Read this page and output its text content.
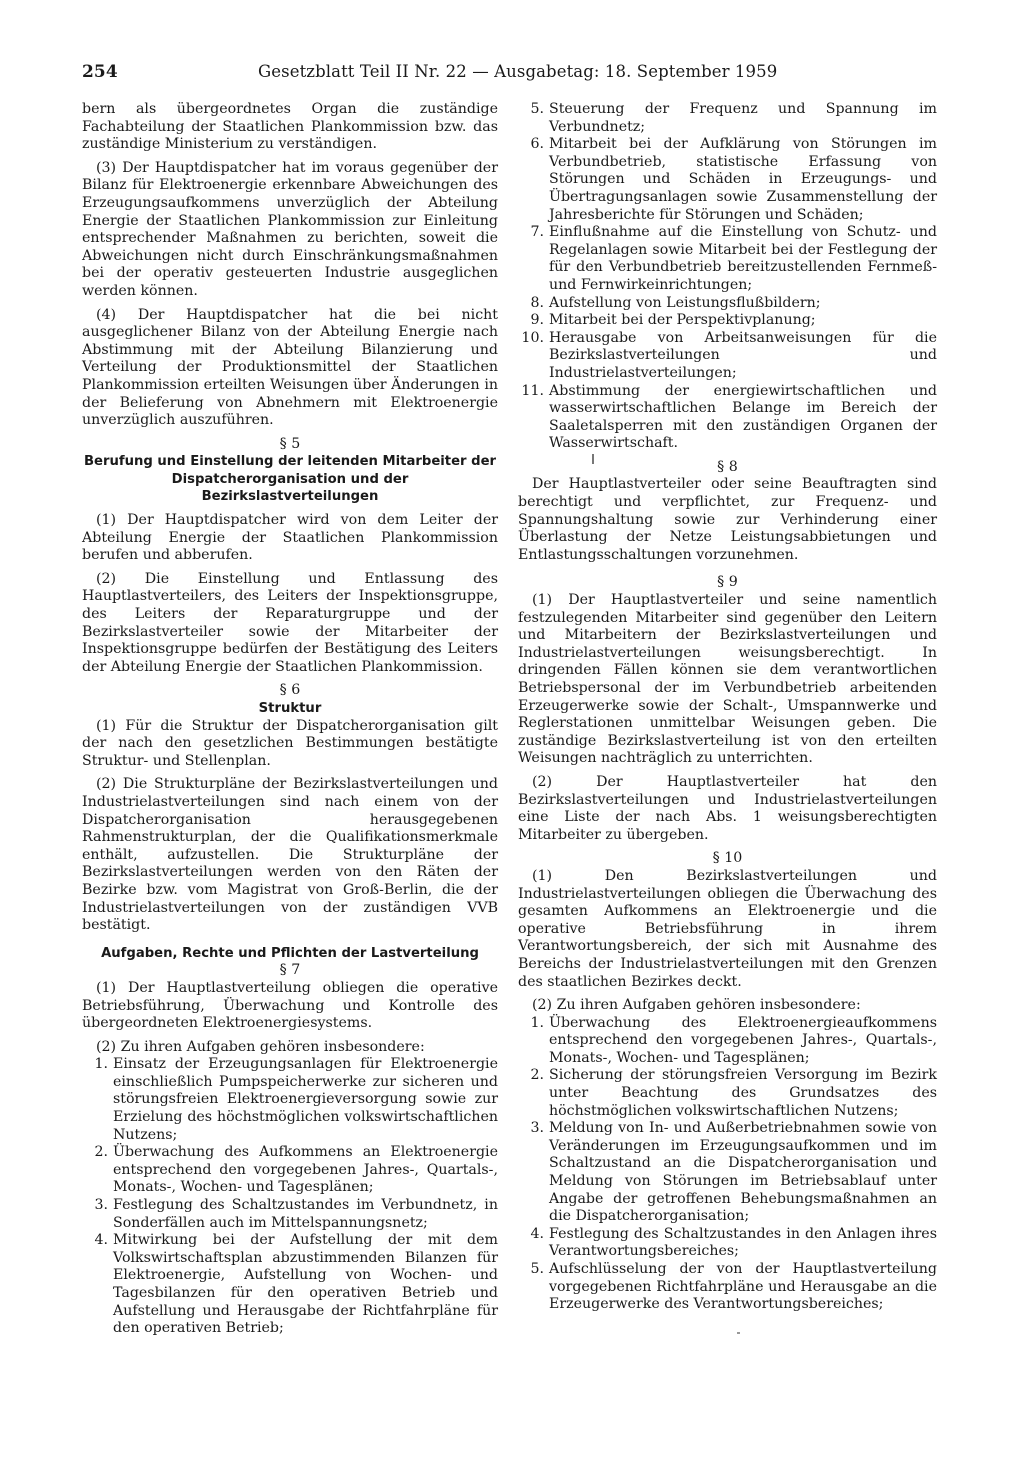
254	Gesetzblatt Teil II Nr. 22 — Ausgabetag: 18. September 1959

bern als übergeordnetes Organ die zuständige Fachabteilung der Staatlichen Plankommission bzw. das zuständige Ministerium zu verständigen.

(3) Der Hauptdispatcher hat im voraus gegenüber der Bilanz für Elektroenergie erkennbare Abweichungen des Erzeugungsaufkommens unverzüglich der Abteilung Energie der Staatlichen Plankommission zur Einleitung entsprechender Maßnahmen zu berichten, soweit die Abweichungen nicht durch Einschränkungsmaßnahmen bei der operativ gesteuerten Industrie ausgeglichen werden können.

(4) Der Hauptdispatcher hat die bei nicht ausgeglichener Bilanz von der Abteilung Energie nach Abstimmung mit der Abteilung Bilanzierung und Verteilung der Produktionsmittel der Staatlichen Plankommission erteilten Weisungen über Änderungen in der Belieferung von Abnehmern mit Elektroenergie unverzüglich auszuführen.

§ 5

Berufung und Einstellung der leitenden Mitarbeiter der Dispatcherorganisation und der Bezirkslastverteilungen

(1) Der Hauptdispatcher wird von dem Leiter der Abteilung Energie der Staatlichen Plankommission berufen und abberufen.

(2) Die Einstellung und Entlassung des Hauptlastverteilers, des Leiters der Inspektionsgruppe, des Leiters der Reparaturgruppe und der Bezirkslastverteiler sowie der Mitarbeiter der Inspektionsgruppe bedürfen der Bestätigung des Leiters der Abteilung Energie der Staatlichen Plankommission.

§ 6

Struktur

(1) Für die Struktur der Dispatcherorganisation gilt der nach den gesetzlichen Bestimmungen bestätigte Struktur- und Stellenplan.

(2) Die Strukturpläne der Bezirkslastverteilungen und Industrielastverteilungen sind nach einem von der Dispatcherorganisation herausgegebenen Rahmenstrukturplan, der die Qualifikationsmerkmale enthält, aufzustellen. Die Strukturpläne der Bezirkslastverteilungen werden von den Räten der Bezirke bzw. vom Magistrat von Groß-Berlin, die der Industrielastverteilungen von der zuständigen VVB bestätigt.

Aufgaben, Rechte und Pflichten der Lastverteilung

§ 7

(1) Der Hauptlastverteilung obliegen die operative Betriebsführung, Überwachung und Kontrolle des übergeordneten Elektroenergiesystems.

(2) Zu ihren Aufgaben gehören insbesondere:

1. Einsatz der Erzeugungsanlagen für Elektroenergie einschließlich Pumpspeicherwerke zur sicheren und störungsfreien Elektroenergieversorgung sowie zur Erzielung des höchstmöglichen volkswirtschaftlichen Nutzens;
2. Überwachung des Aufkommens an Elektroenergie entsprechend den vorgegebenen Jahres-, Quartals-, Monats-, Wochen- und Tagesplänen;
3. Festlegung des Schaltzustandes im Verbundnetz, in Sonderfällen auch im Mittelspannungsnetz;
4. Mitwirkung bei der Aufstellung der mit dem Volkswirtschaftsplan abzustimmenden Bilanzen für Elektroenergie, Aufstellung von Wochen- und Tagesbilanzen für den operativen Betrieb und Aufstellung und Herausgabe der Richtfahrpläne für den operativen Betrieb;
5. Steuerung der Frequenz und Spannung im Verbundnetz;
6. Mitarbeit bei der Aufklärung von Störungen im Verbundbetrieb, statistische Erfassung von Störungen und Schäden in Erzeugungs- und Übertragungsanlagen sowie Zusammenstellung der Jahresberichte für Störungen und Schäden;
7. Einflußnahme auf die Einstellung von Schutz- und Regelanlagen sowie Mitarbeit bei der Festlegung der für den Verbundbetrieb bereitzustellenden Fernmeß- und Fernwirkeinrichtungen;
8. Aufstellung von Leistungsflußbildern;
9. Mitarbeit bei der Perspektivplanung;
10. Herausgabe von Arbeitsanweisungen für die Bezirkslastverteilungen und Industrielastverteilungen;
11. Abstimmung der energiewirtschaftlichen und wasserwirtschaftlichen Belange im Bereich der Saaletalsperren mit den zuständigen Organen der Wasserwirtschaft.

§ 8

Der Hauptlastverteiler oder seine Beauftragten sind berechtigt und verpflichtet, zur Frequenz- und Spannungshaltung sowie zur Verhinderung einer Überlastung der Netze Leistungsabbietungen und Entlastungsschaltungen vorzunehmen.

§ 9

(1) Der Hauptlastverteiler und seine namentlich festzulegenden Mitarbeiter sind gegenüber den Leitern und Mitarbeitern der Bezirkslastverteilungen und Industrielastverteilungen weisungsberechtigt. In dringenden Fällen können sie dem verantwortlichen Betriebspersonal der im Verbundbetrieb arbeitenden Erzeugerwerke sowie der Schalt-, Umspannwerke und Reglerstationen unmittelbar Weisungen geben. Die zuständige Bezirkslastverteilung ist von den erteilten Weisungen nachträglich zu unterrichten.

(2) Der Hauptlastverteiler hat den Bezirkslastverteilungen und Industrielastverteilungen eine Liste der nach Abs. 1 weisungsberechtigten Mitarbeiter zu übergeben.

§ 10

(1) Den Bezirkslastverteilungen und Industrielastverteilungen obliegen die Überwachung des gesamten Aufkommens an Elektroenergie und die operative Betriebsführung in ihrem Verantwortungsbereich, der sich mit Ausnahme des Bereichs der Industrielastverteilungen mit den Grenzen des staatlichen Bezirkes deckt.

(2) Zu ihren Aufgaben gehören insbesondere:

1. Überwachung des Elektroenergieaufkommens entsprechend den vorgegebenen Jahres-, Quartals-, Monats-, Wochen- und Tagesplänen;
2. Sicherung der störungsfreien Versorgung im Bezirk unter Beachtung des Grundsatzes des höchstmöglichen volkswirtschaftlichen Nutzens;
3. Meldung von In- und Außerbetriebnahmen sowie von Veränderungen im Erzeugungsaufkommen und im Schaltzustand an die Dispatcherorganisation und Meldung von Störungen im Betriebsablauf unter Angabe der getroffenen Behebungsmaßnahmen an die Dispatcherorganisation;
4. Festlegung des Schaltzustandes in den Anlagen ihres Verantwortungsbereiches;
5. Aufschlüsselung der von der Hauptlastverteilung vorgegebenen Richtfahrpläne und Herausgabe an die Erzeugerwerke des Verantwortungsbereiches;
